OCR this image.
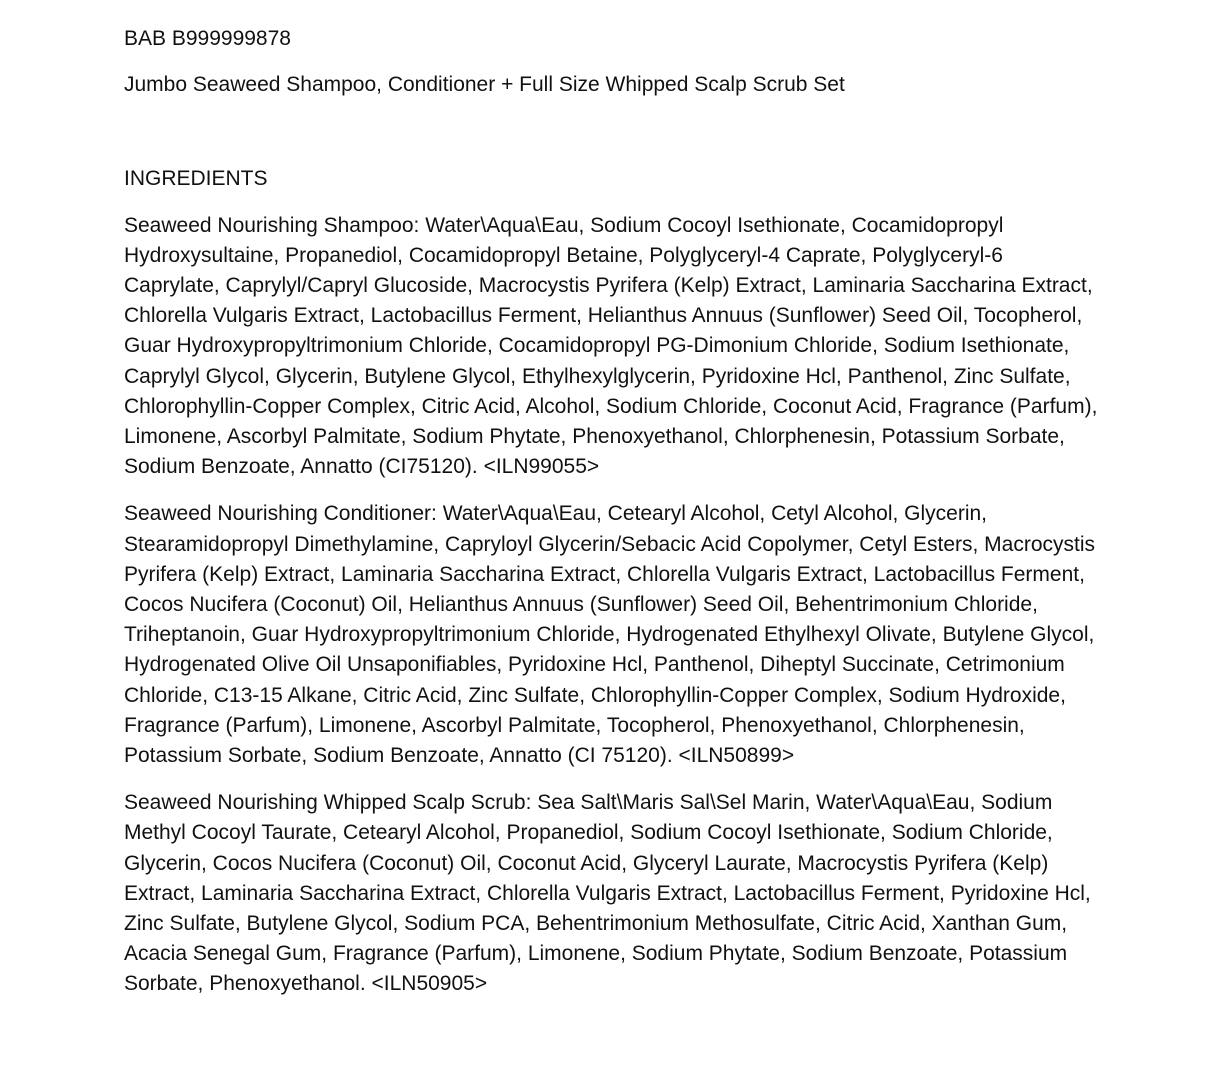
BAB B999999878
Jumbo Seaweed Shampoo, Conditioner + Full Size Whipped Scalp Scrub Set
INGREDIENTS

Seaweed Nourishing Shampoo: Water\Aqua\Eau, Sodium Cocoyl Isethionate, Cocamidopropyl Hydroxysultaine, Propanediol, Cocamidopropyl Betaine, Polyglyceryl-4 Caprate, Polyglyceryl-6 Caprylate, Caprylyl/Capryl Glucoside, Macrocystis Pyrifera (Kelp) Extract, Laminaria Saccharina Extract, Chlorella Vulgaris Extract, Lactobacillus Ferment, Helianthus Annuus (Sunflower) Seed Oil, Tocopherol, Guar Hydroxypropyltrimonium Chloride, Cocamidopropyl PG-Dimonium Chloride, Sodium Isethionate, Caprylyl Glycol, Glycerin, Butylene Glycol, Ethylhexylglycerin, Pyridoxine Hcl, Panthenol, Zinc Sulfate, Chlorophyllin-Copper Complex, Citric Acid, Alcohol, Sodium Chloride, Coconut Acid, Fragrance (Parfum), Limonene, Ascorbyl Palmitate, Sodium Phytate, Phenoxyethanol, Chlorphenesin, Potassium Sorbate, Sodium Benzoate, Annatto (CI75120). <ILN99055>

Seaweed Nourishing Conditioner: Water\Aqua\Eau, Cetearyl Alcohol, Cetyl Alcohol, Glycerin, Stearamidopropyl Dimethylamine, Capryloyl Glycerin/Sebacic Acid Copolymer, Cetyl Esters, Macrocystis Pyrifera (Kelp) Extract, Laminaria Saccharina Extract, Chlorella Vulgaris Extract, Lactobacillus Ferment, Cocos Nucifera (Coconut) Oil, Helianthus Annuus (Sunflower) Seed Oil, Behentrimonium Chloride, Triheptanoin, Guar Hydroxypropyltrimonium Chloride, Hydrogenated Ethylhexyl Olivate, Butylene Glycol, Hydrogenated Olive Oil Unsaponifiables, Pyridoxine Hcl, Panthenol, Diheptyl Succinate, Cetrimonium Chloride, C13-15 Alkane, Citric Acid, Zinc Sulfate, Chlorophyllin-Copper Complex, Sodium Hydroxide, Fragrance (Parfum), Limonene, Ascorbyl Palmitate, Tocopherol, Phenoxyethanol, Chlorphenesin, Potassium Sorbate, Sodium Benzoate, Annatto (CI 75120). <ILN50899>

Seaweed Nourishing Whipped Scalp Scrub: Sea Salt\Maris Sal\Sel Marin, Water\Aqua\Eau, Sodium Methyl Cocoyl Taurate, Cetearyl Alcohol, Propanediol, Sodium Cocoyl Isethionate, Sodium Chloride, Glycerin, Cocos Nucifera (Coconut) Oil, Coconut Acid, Glyceryl Laurate, Macrocystis Pyrifera (Kelp) Extract, Laminaria Saccharina Extract, Chlorella Vulgaris Extract, Lactobacillus Ferment, Pyridoxine Hcl, Zinc Sulfate, Butylene Glycol, Sodium PCA, Behentrimonium Methosulfate, Citric Acid, Xanthan Gum, Acacia Senegal Gum, Fragrance (Parfum), Limonene, Sodium Phytate, Sodium Benzoate, Potassium Sorbate, Phenoxyethanol. <ILN50905>
